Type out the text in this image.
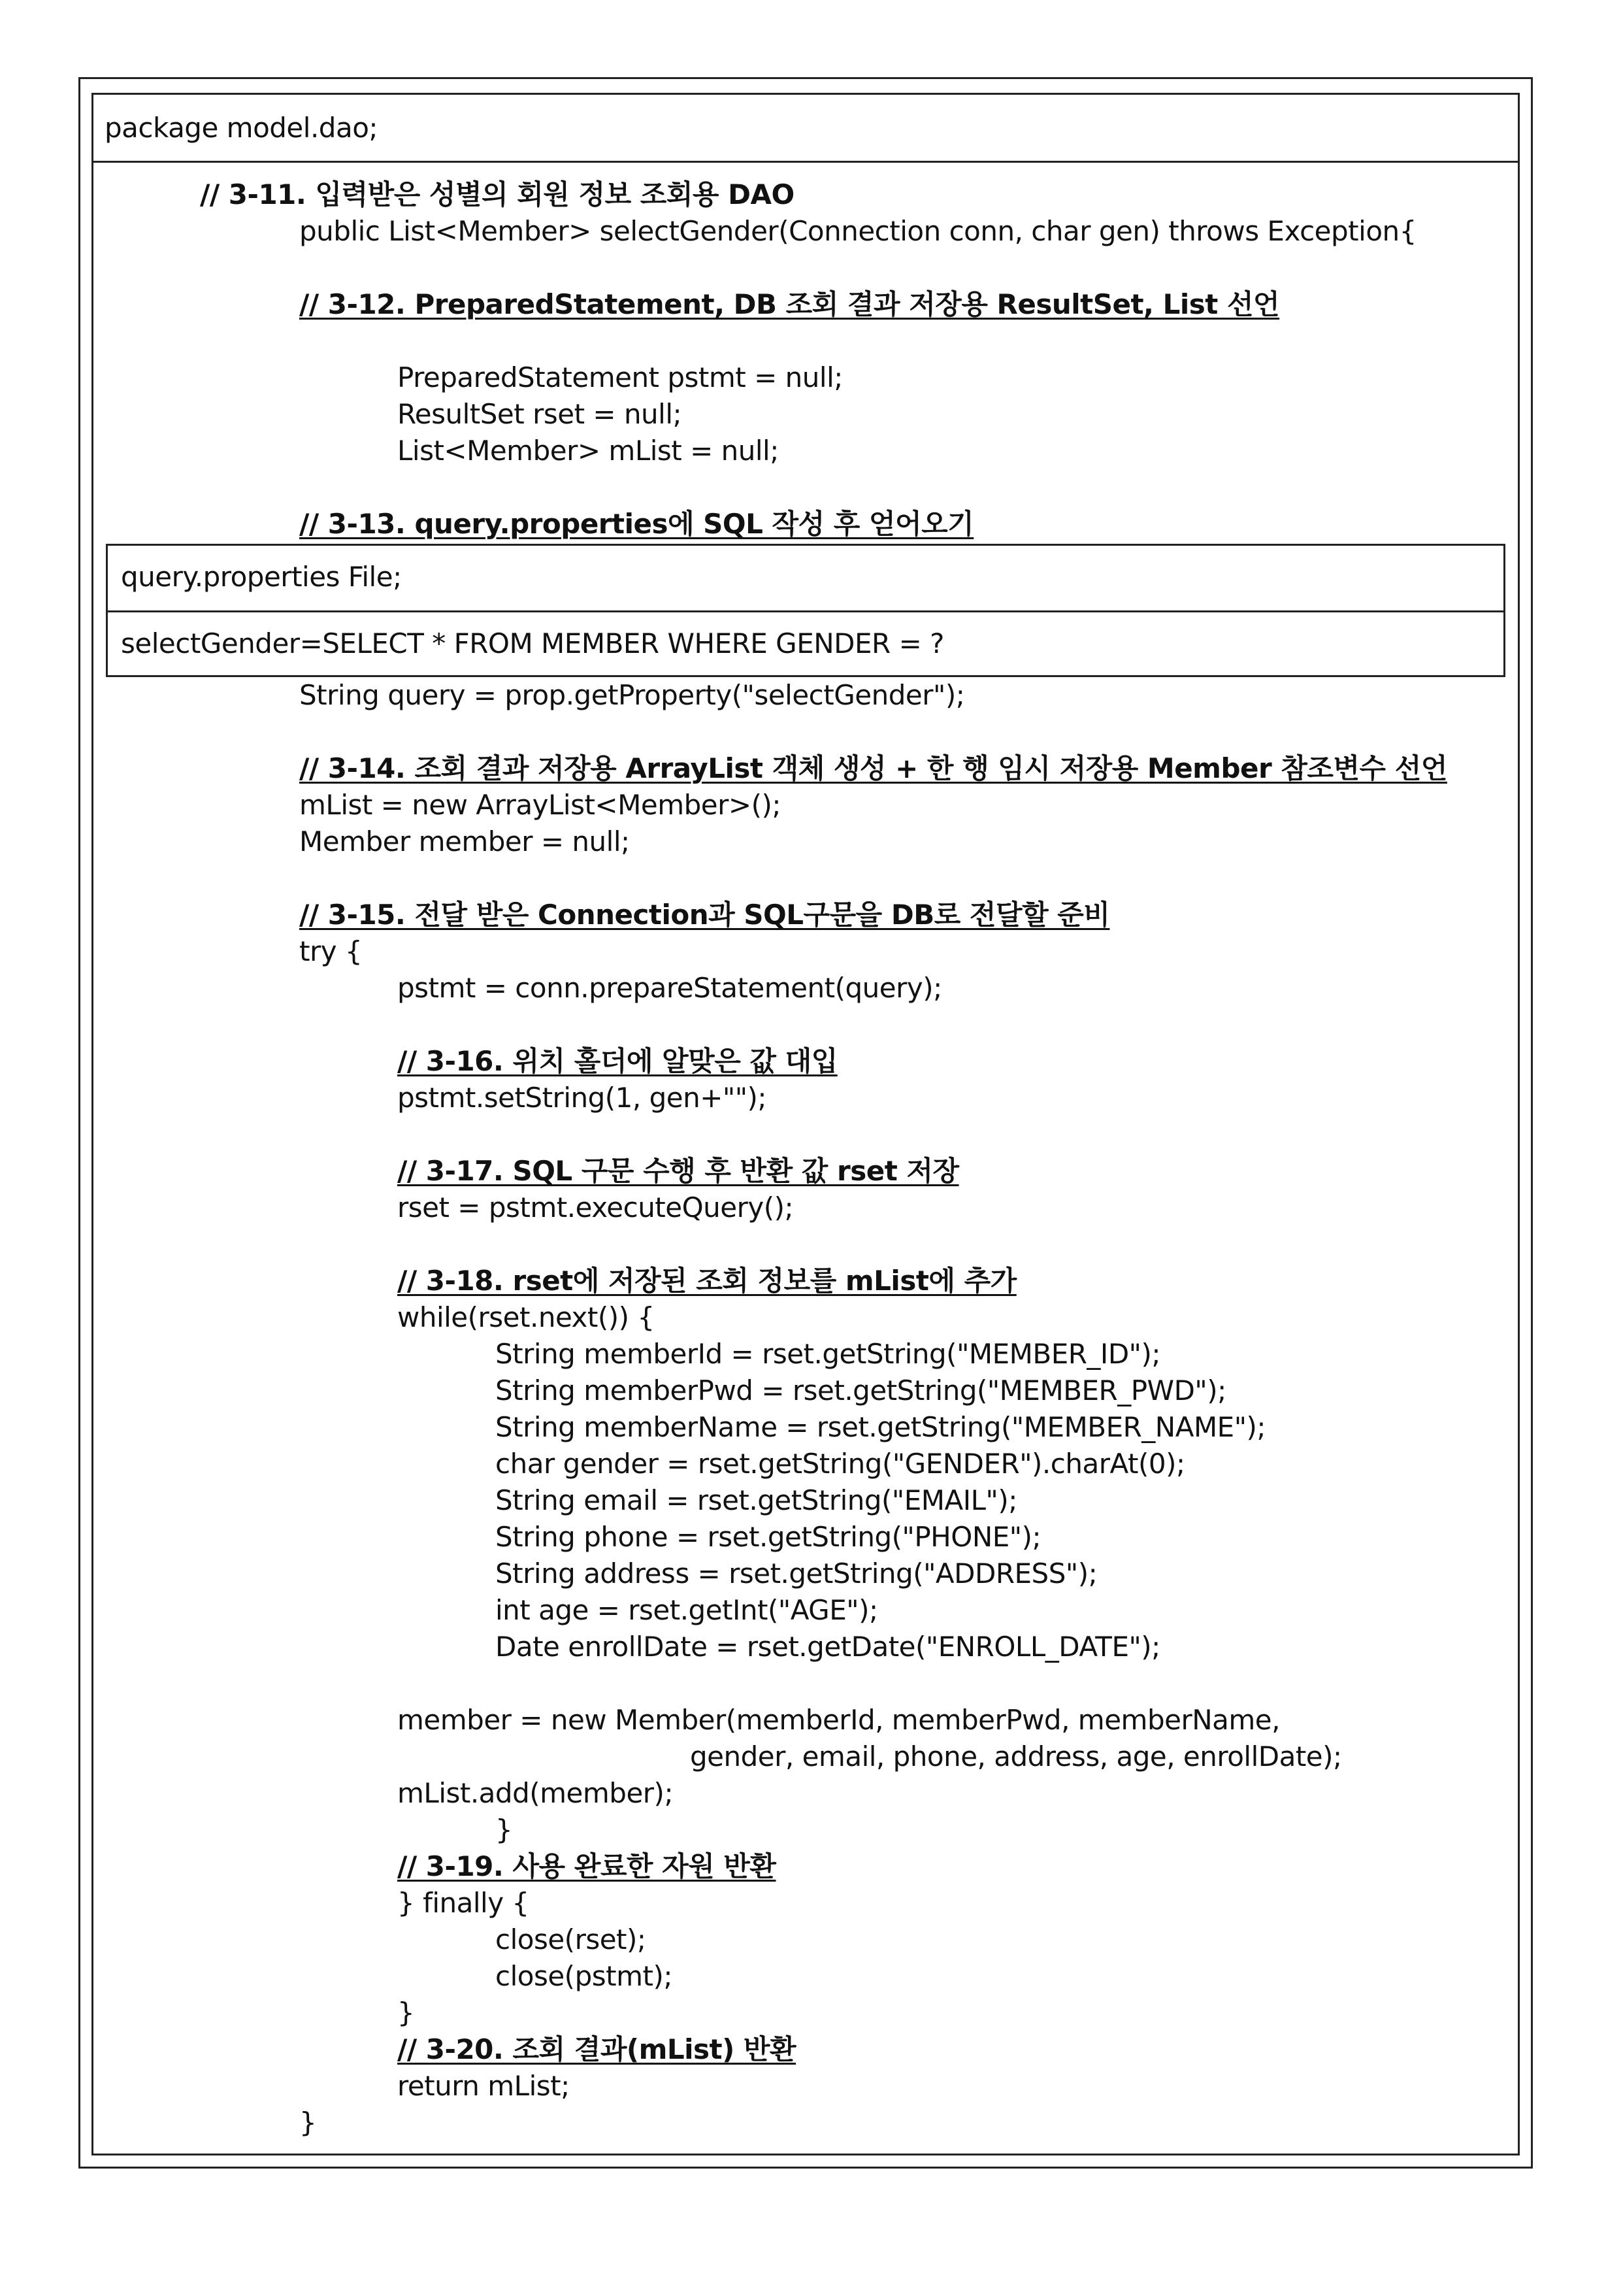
package model.dao;
// 3-11. 입력받은 성별의 회원 정보 조회용 DAO
public List<Member> selectGender(Connection conn, char gen) throws Exception{
// 3-12. PreparedStatement, DB 조회 결과 저장용 ResultSet, List 선언
PreparedStatement pstmt = null;
ResultSet rset = null;
List<Member> mList = null;
// 3-13. query.properties에 SQL 작성 후 얻어오기
query.properties File;
selectGender=SELECT * FROM MEMBER WHERE GENDER = ?
String query = prop.getProperty("selectGender");
// 3-14. 조회 결과 저장용 ArrayList 객체 생성 + 한 행 임시 저장용 Member 참조변수 선언
mList = new ArrayList<Member>();
Member member = null;
// 3-15. 전달 받은 Connection과 SQL구문을 DB로 전달할 준비
try {
pstmt = conn.prepareStatement(query);
// 3-16. 위치 홀더에 알맞은 값 대입
pstmt.setString(1, gen+"");
// 3-17. SQL 구문 수행 후 반환 값 rset 저장
rset = pstmt.executeQuery();
// 3-18. rset에 저장된 조회 정보를 mList에 추가
while(rset.next()) {
String memberId = rset.getString("MEMBER_ID");
String memberPwd = rset.getString("MEMBER_PWD");
String memberName = rset.getString("MEMBER_NAME");
char gender = rset.getString("GENDER").charAt(0);
String email = rset.getString("EMAIL");
String phone = rset.getString("PHONE");
String address = rset.getString("ADDRESS");
int age = rset.getInt("AGE");
Date enrollDate = rset.getDate("ENROLL_DATE");
member = new Member(memberId, memberPwd, memberName,
gender, email, phone, address, age, enrollDate);
mList.add(member);
}
// 3-19. 사용 완료한 자원 반환
} finally {
close(rset);
close(pstmt);
}
// 3-20. 조회 결과(mList) 반환
return mList;
}
